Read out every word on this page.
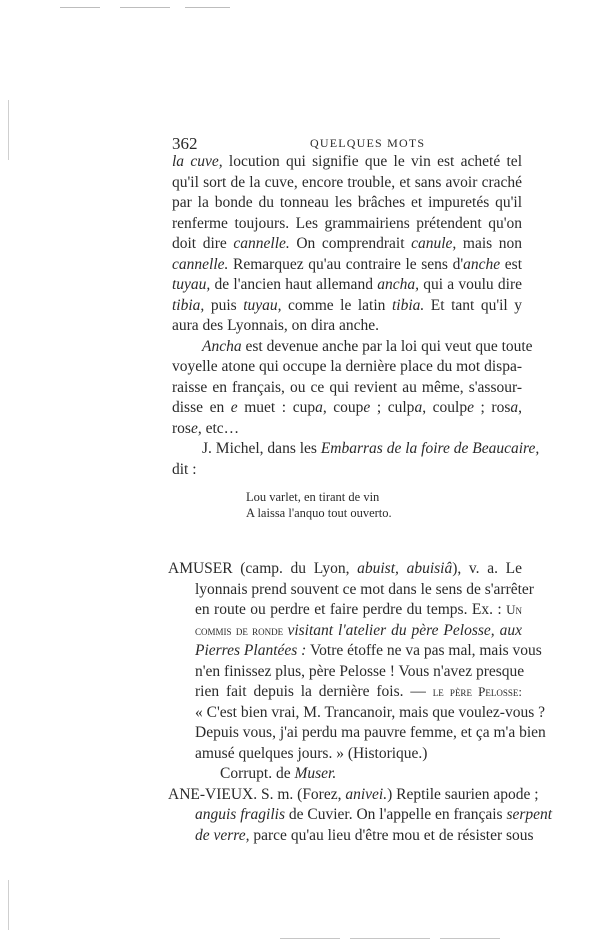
362	QUELQUES MOTS
la cuve, locution qui signifie que le vin est acheté tel
qu'il sort de la cuve, encore trouble, et sans avoir craché
par la bonde du tonneau les brâches et impuretés qu'il
renferme toujours. Les grammairiens prétendent qu'on
doit dire cannelle. On comprendrait canule, mais non
cannelle. Remarquez qu'au contraire le sens d'anche est
tuyau, de l'ancien haut allemand ancha, qui a voulu dire
tibia, puis tuyau, comme le latin tibia. Et tant qu'il y
aura des Lyonnais, on dira anche.
Ancha est devenue anche par la loi qui veut que toute
voyelle atone qui occupe la dernière place du mot dispa-
raisse en français, ou ce qui revient au même, s'assour-
disse en e muet : cupa, coupe ; culpa, coulpe ; rosa,
rose, etc…
J. Michel, dans les Embarras de la foire de Beaucaire,
dit :
Lou varlet, en tirant de vin
A laissa l'anquo tout ouverto.
AMUSER (camp. du Lyon, abuist, abuisiâ), v. a. Le
lyonnais prend souvent ce mot dans le sens de s'arrêter
en route ou perdre et faire perdre du temps. Ex. : Un
commis de ronde visitant l'atelier du père Pelosse, aux
Pierres Plantées : Votre étoffe ne va pas mal, mais vous
n'en finissez plus, père Pelosse ! Vous n'avez presque
rien fait depuis la dernière fois. — le père Pelosse:
« C'est bien vrai, M. Trancanoir, mais que voulez-vous ?
Depuis vous, j'ai perdu ma pauvre femme, et ça m'a bien
amusé quelques jours. » (Historique.)
Corrupt. de Muser.
ANE-VIEUX. S. m. (Forez, anivei.) Reptile saurien apode ;
anguis fragilis de Cuvier. On l'appelle en français serpent
de verre, parce qu'au lieu d'être mou et de résister sous
